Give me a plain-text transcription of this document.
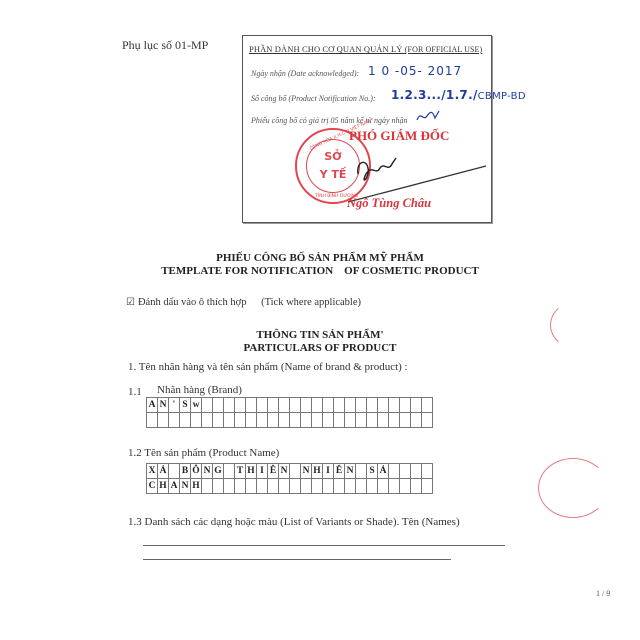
Phụ lục số 01-MP	PHẦN DÀNH CHO CƠ QUAN QUẢN LÝ (FOR OFFICIAL USE)
Ngày nhận (Date acknowledged): 1 0 -05- 2017
Số công bố (Product Notification No.): 1.2.3.../1.7./CBMP-BD
Phiếu công bố có giá trị 05 năm kể từ ngày nhận
SỞ
Y TẾ
CỘNG HÒA X.H.C.N VIỆT NAM
TỈNH BÌNH DƯƠNG
PHÓ GIÁM ĐỐC
Ngô Tùng Châu
PHIẾU CÔNG BỐ SẢN PHẨM MỸ PHẨM
TEMPLATE FOR NOTIFICATION    OF COSMETIC PRODUCT
☑ Đánh dấu vào ô thích hợp (Tick where applicable)
THÔNG TIN SẢN PHẨM'
PARTICULARS OF PRODUCT
1. Tên nhãn hàng và tên sản phẩm (Name of brand & product) :
1.1 Nhãn hàng (Brand)
A	N	'	S	w																					

1.2 Tên sản phẩm (Product Name)
X	Ả		B	Ô	N	G		T	H	I	Ê	N		N	H	I	Ê	N		S	Ả				
C	H	A	N	H																					
1.3 Danh sách các dạng hoặc màu (List of Variants or Shade). Tên (Names)
1 / 9
